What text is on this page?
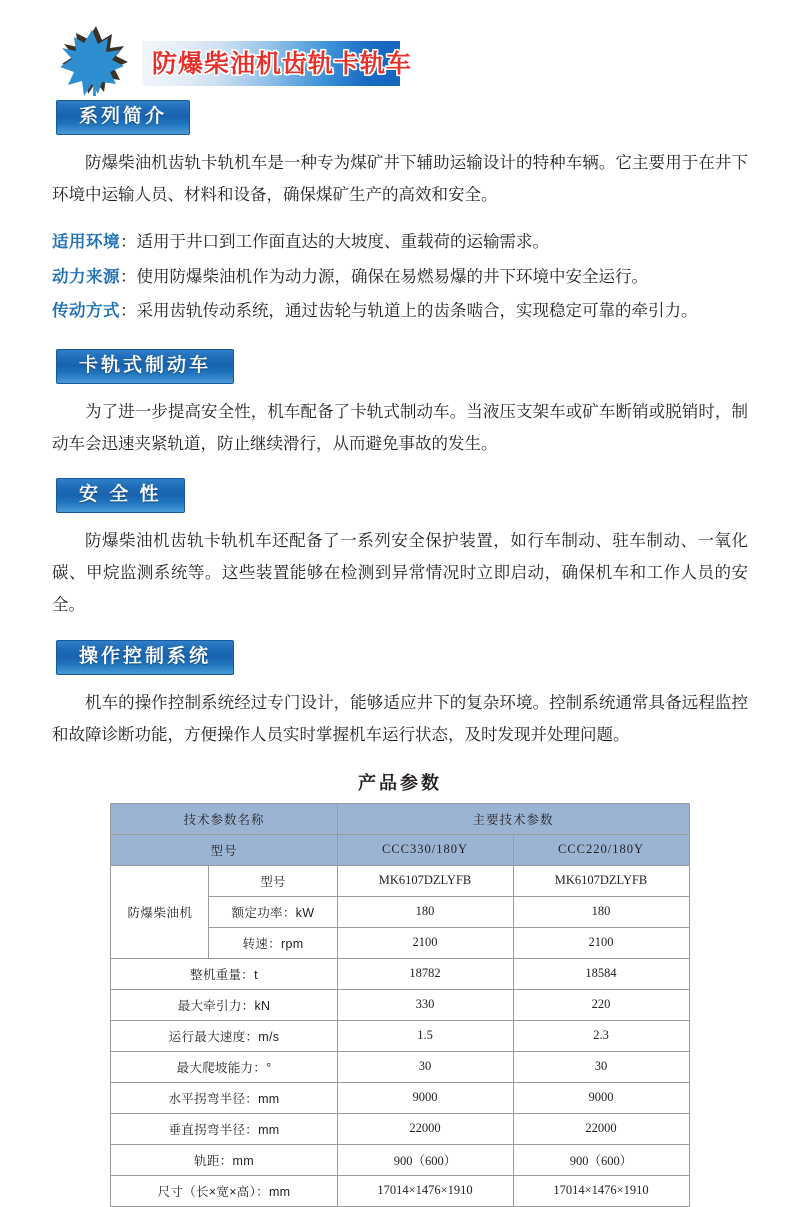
防爆柴油机齿轨卡轨车
系列简介

防爆柴油机齿轨卡轨机车是一种专为煤矿井下辅助运输设计的特种车辆。它主要用于在井下环境中运输人员、材料和设备，确保煤矿生产的高效和安全。

适用环境：适用于井口到工作面直达的大坡度、重载荷的运输需求。
动力来源：使用防爆柴油机作为动力源，确保在易燃易爆的井下环境中安全运行。
传动方式：采用齿轨传动系统，通过齿轮与轨道上的齿条啮合，实现稳定可靠的牵引力。
卡轨式制动车

为了进一步提高安全性，机车配备了卡轨式制动车。当液压支架车或矿车断销或脱销时，制动车会迅速夹紧轨道，防止继续滑行，从而避免事故的发生。

安 全 性

防爆柴油机齿轨卡轨机车还配备了一系列安全保护装置，如行车制动、驻车制动、一氧化碳、甲烷监测系统等。这些装置能够在检测到异常情况时立即启动，确保机车和工作人员的安全。

操作控制系统

机车的操作控制系统经过专门设计，能够适应井下的复杂环境。控制系统通常具备远程监控和故障诊断功能，方便操作人员实时掌握机车运行状态，及时发现并处理问题。

产品参数
技术参数名称		主要技术参数	
型号		CCC330/180Y	CCC220/180Y
防爆柴油机	型号	MK6107DZLYFB	MK6107DZLYFB
	额定功率：kW	180	180
	转速：rpm	2100	2100
整机重量：t		18782	18584
最大牵引力：kN		330	220
运行最大速度：m/s		1.5	2.3
最大爬坡能力：°		30	30
水平拐弯半径：mm		9000	9000
垂直拐弯半径：mm		22000	22000
轨距：mm		900（600）	900（600）
尺寸（长×宽×高）：mm		17014×1476×1910	17014×1476×1910
